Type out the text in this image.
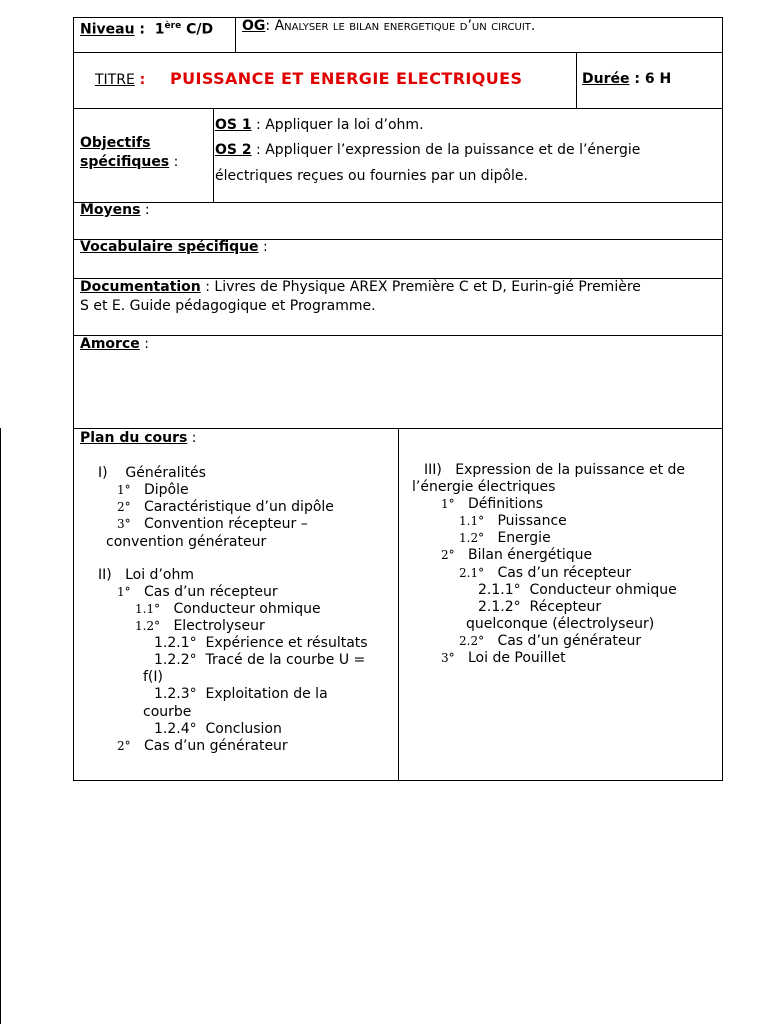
Niveau :  1ère C/D OG: Analyser le bilan energetique d’un circuit.
TITRE : PUISSANCE ET ENERGIE ELECTRIQUES	Durée : 6 H
Objectifs
spécifiques :
OS 1 : Appliquer la loi d’ohm.
OS 2 : Appliquer l’expression de la puissance et de l’énergie
électriques reçues ou fournies par un dipôle.
Moyens :
Vocabulaire spécifique :
Documentation : Livres de Physique AREX Première C et D, Eurin-gié Première
S et E. Guide pédagogique et Programme.
Amorce :
Plan du cours :
I) Généralités
1° Dipôle
2° Caractéristique d’un dipôle
3° Convention récepteur –
convention générateur
II) Loi d’ohm
1° Cas d’un récepteur
1.1° Conducteur ohmique
1.2° Electrolyseur
1.2.1° Expérience et résultats
1.2.2° Tracé de la courbe U =
f(I)
1.2.3° Exploitation de la
courbe
1.2.4° Conclusion
2° Cas d’un générateur
III) Expression de la puissance et de
l’énergie électriques
1° Définitions
1.1° Puissance
1.2° Energie
2° Bilan énergétique
2.1° Cas d’un récepteur
2.1.1° Conducteur ohmique
2.1.2° Récepteur
quelconque (électrolyseur)
2.2° Cas d’un générateur
3° Loi de Pouillet
